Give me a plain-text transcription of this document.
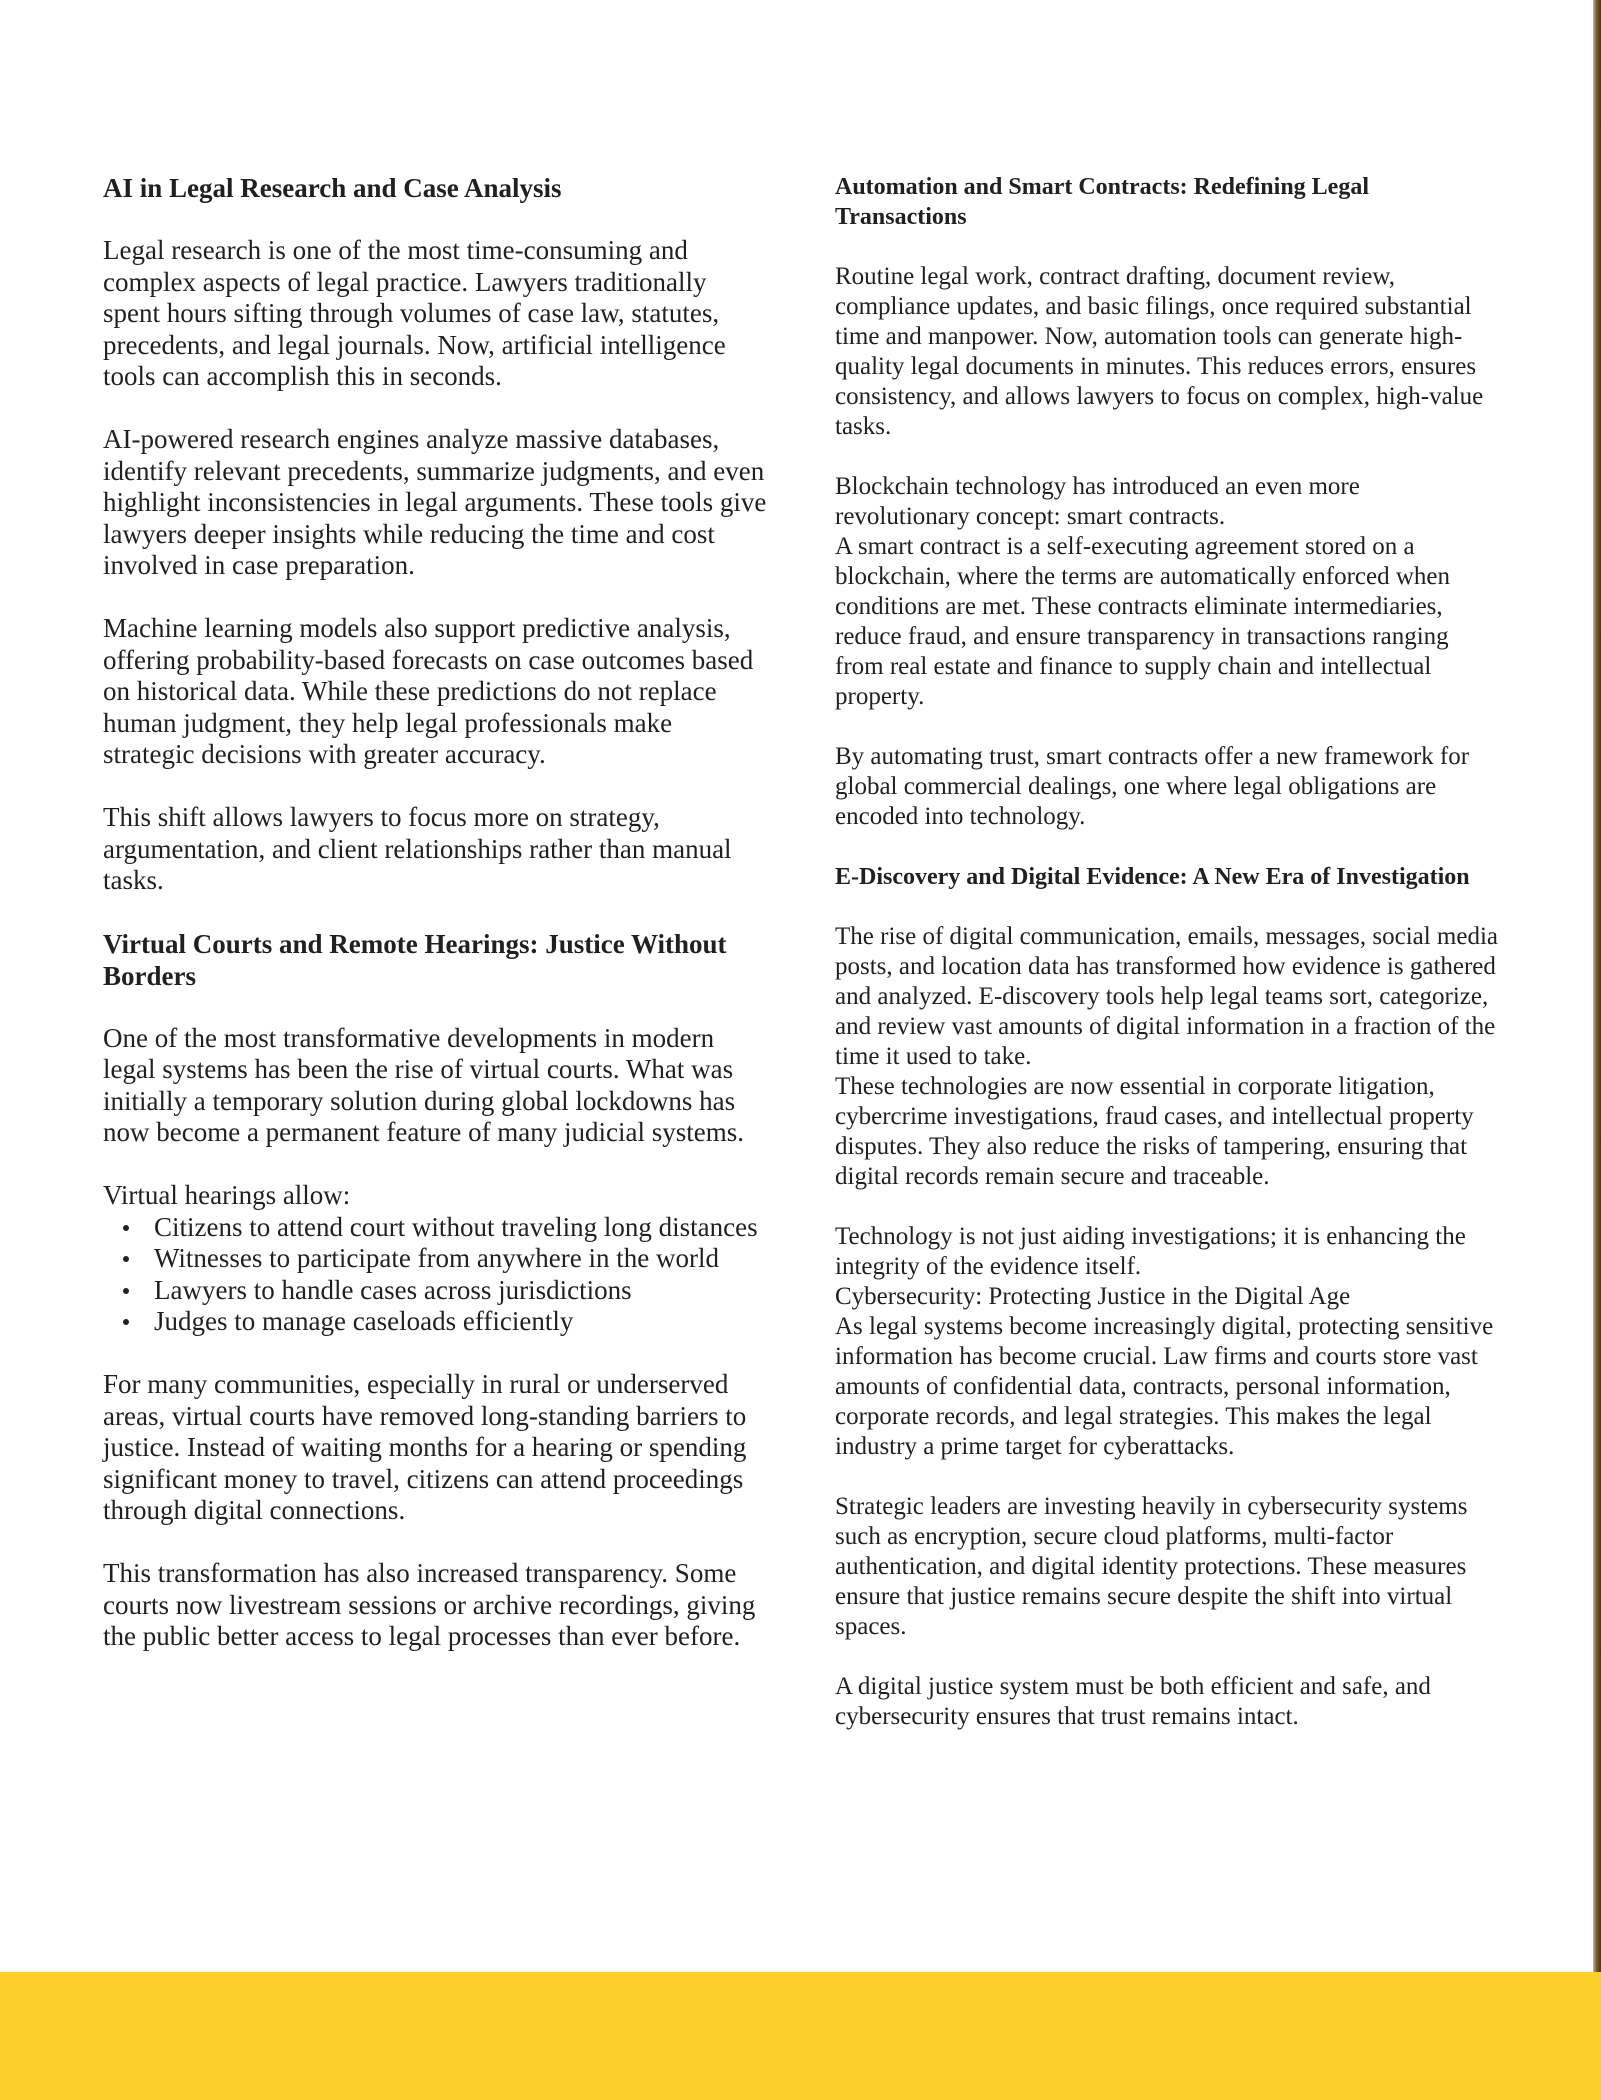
AI in Legal Research and Case Analysis

Legal research is one of the most time-consuming and complex aspects of legal practice. Lawyers traditionally spent hours sifting through volumes of case law, statutes, precedents, and legal journals. Now, artificial intelligence tools can accomplish this in seconds.

AI-powered research engines analyze massive databases, identify relevant precedents, summarize judgments, and even highlight inconsistencies in legal arguments. These tools give lawyers deeper insights while reducing the time and cost involved in case preparation.

Machine learning models also support predictive analysis, offering probability-based forecasts on case outcomes based on historical data. While these predictions do not replace human judgment, they help legal professionals make strategic decisions with greater accuracy.

This shift allows lawyers to focus more on strategy, argumentation, and client relationships rather than manual tasks.

Virtual Courts and Remote Hearings: Justice Without Borders

One of the most transformative developments in modern legal systems has been the rise of virtual courts. What was initially a temporary solution during global lockdowns has now become a permanent feature of many judicial systems.

Virtual hearings allow:

Citizens to attend court without traveling long distances
Witnesses to participate from anywhere in the world
Lawyers to handle cases across jurisdictions
Judges to manage caseloads efficiently

For many communities, especially in rural or underserved areas, virtual courts have removed long-standing barriers to justice. Instead of waiting months for a hearing or spending significant money to travel, citizens can attend proceedings through digital connections.

This transformation has also increased transparency. Some courts now livestream sessions or archive recordings, giving the public better access to legal processes than ever before.

Automation and Smart Contracts: Redefining Legal Transactions

Routine legal work, contract drafting, document review, compliance updates, and basic filings, once required substantial time and manpower. Now, automation tools can generate high-quality legal documents in minutes. This reduces errors, ensures consistency, and allows lawyers to focus on complex, high-value tasks.

Blockchain technology has introduced an even more revolutionary concept: smart contracts.

A smart contract is a self-executing agreement stored on a blockchain, where the terms are automatically enforced when conditions are met. These contracts eliminate intermediaries, reduce fraud, and ensure transparency in transactions ranging from real estate and finance to supply chain and intellectual property.

By automating trust, smart contracts offer a new framework for global commercial dealings, one where legal obligations are encoded into technology.

E-Discovery and Digital Evidence: A New Era of Investigation

The rise of digital communication, emails, messages, social media posts, and location data has transformed how evidence is gathered and analyzed. E-discovery tools help legal teams sort, categorize, and review vast amounts of digital information in a fraction of the time it used to take.

These technologies are now essential in corporate litigation, cybercrime investigations, fraud cases, and intellectual property disputes. They also reduce the risks of tampering, ensuring that digital records remain secure and traceable.

Technology is not just aiding investigations; it is enhancing the integrity of the evidence itself.

Cybersecurity: Protecting Justice in the Digital Age

As legal systems become increasingly digital, protecting sensitive information has become crucial. Law firms and courts store vast amounts of confidential data, contracts, personal information, corporate records, and legal strategies. This makes the legal industry a prime target for cyberattacks.

Strategic leaders are investing heavily in cybersecurity systems such as encryption, secure cloud platforms, multi-factor authentication, and digital identity protections. These measures ensure that justice remains secure despite the shift into virtual spaces.

A digital justice system must be both efficient and safe, and cybersecurity ensures that trust remains intact.
